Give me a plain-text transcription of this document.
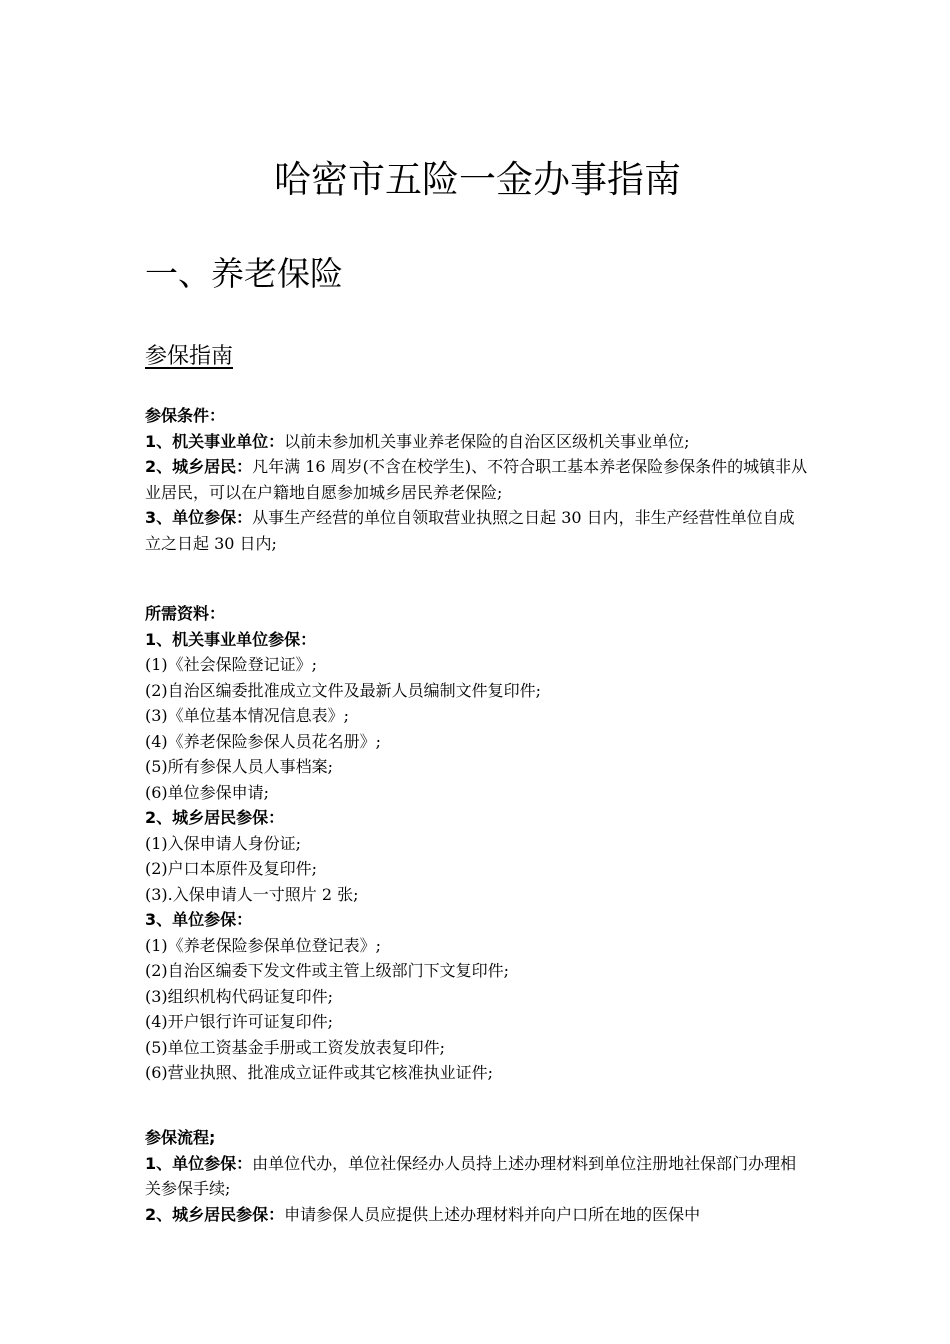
哈密市五险一金办事指南
一、养老保险
参保指南
参保条件：
1、机关事业单位：以前未参加机关事业养老保险的自治区区级机关事业单位;
2、城乡居民：凡年满 16 周岁(不含在校学生)、不符合职工基本养老保险参保条件的城镇非从业居民，可以在户籍地自愿参加城乡居民养老保险;
3、单位参保：从事生产经营的单位自领取营业执照之日起 30 日内，非生产经营性单位自成立之日起 30 日内;
所需资料：
1、机关事业单位参保：
(1)《社会保险登记证》;
(2)自治区编委批准成立文件及最新人员编制文件复印件;
(3)《单位基本情况信息表》;
(4)《养老保险参保人员花名册》;
(5)所有参保人员人事档案;
(6)单位参保申请;
2、城乡居民参保：
(1)入保申请人身份证;
(2)户口本原件及复印件;
(3).入保申请人一寸照片 2 张;
3、单位参保：
(1)《养老保险参保单位登记表》;
(2)自治区编委下发文件或主管上级部门下文复印件;
(3)组织机构代码证复印件;
(4)开户银行许可证复印件;
(5)单位工资基金手册或工资发放表复印件;
(6)营业执照、批准成立证件或其它核准执业证件;
参保流程;
1、单位参保：由单位代办，单位社保经办人员持上述办理材料到单位注册地社保部门办理相关参保手续;
2、城乡居民参保：申请参保人员应提供上述办理材料并向户口所在地的医保中
